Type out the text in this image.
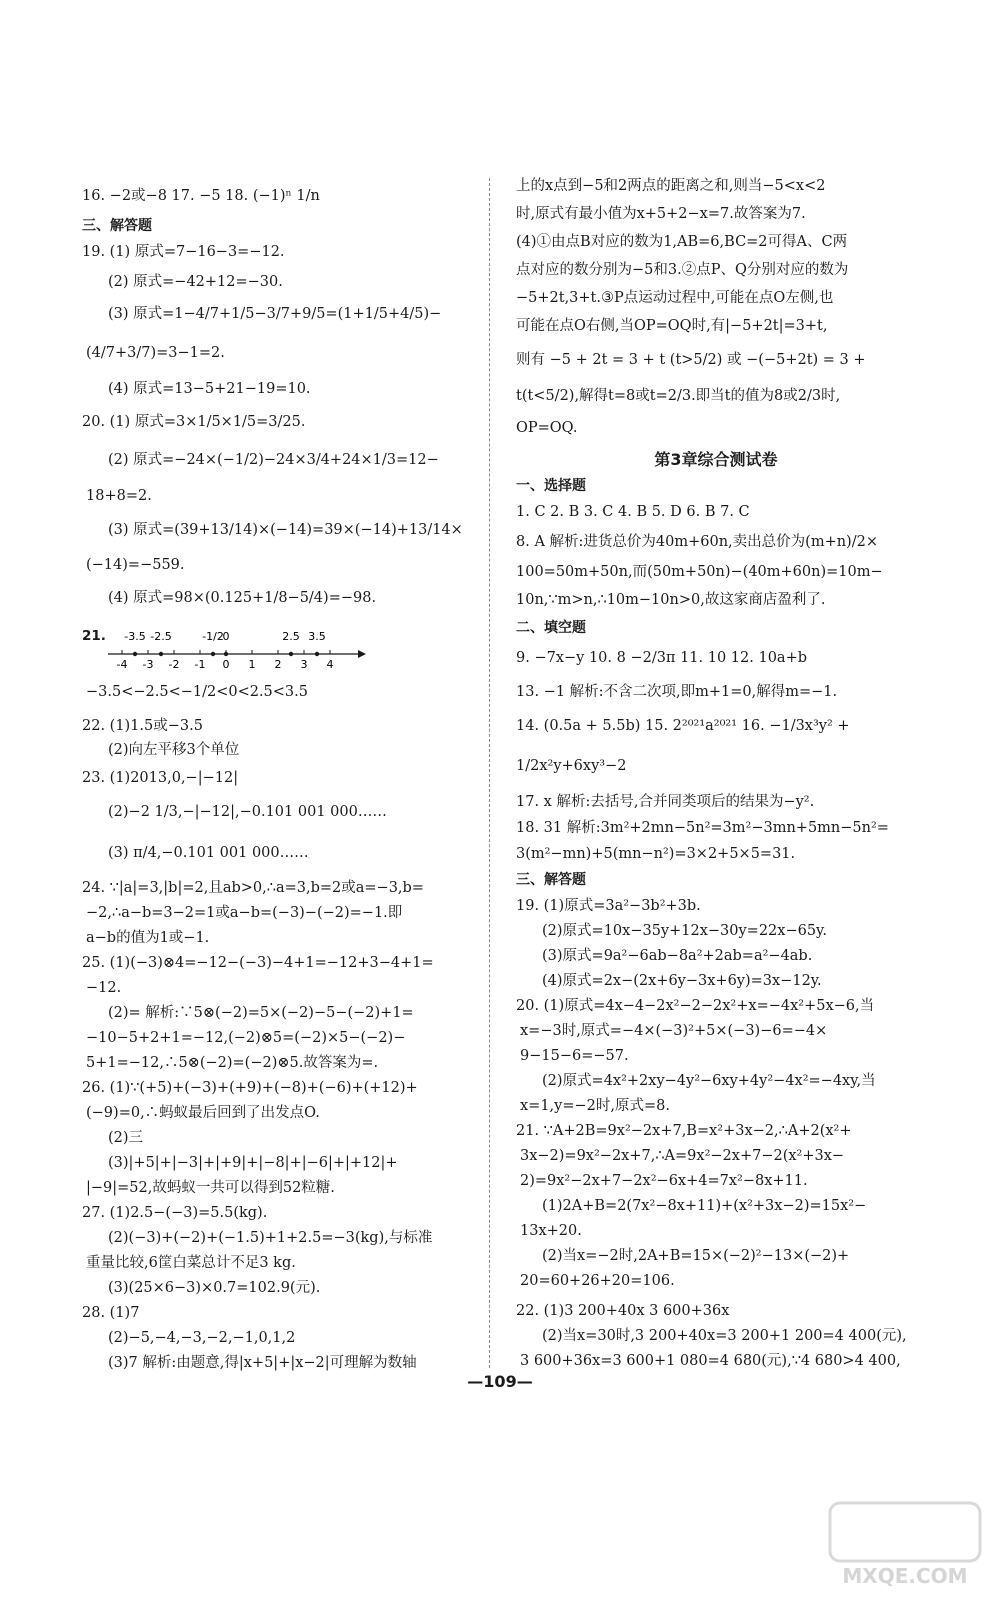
16. −2或−8 17. −5 18. (−1)ⁿ 1/n
三、解答题
19. (1) 原式=7−16−3=−12.
(2) 原式=−42+12=−30.
(3) 原式=1−4/7+1/5−3/7+9/5=(1+1/5+4/5)−
(4/7+3/7)=3−1=2.
(4) 原式=13−5+21−19=10.
20. (1) 原式=3×1/5×1/5=3/25.
(2) 原式=−24×(−1/2)−24×3/4+24×1/3=12−
18+8=2.
(3) 原式=(39+13/14)×(−14)=39×(−14)+13/14×
(−14)=−559.
(4) 原式=98×(0.125+1/8−5/4)=−98.
21.
-4 -3 -2 -1 0 1 2 3 4
-3.5 -2.5	-1/2
0	2.5 3.5
−3.5<−2.5<−1/2<0<2.5<3.5
22. (1)1.5或−3.5
(2)向左平移3个单位
23. (1)2013,0,−|−12|
(2)−2 1/3,−|−12|,−0.101 001 000……
(3) π/4,−0.101 001 000……
24. ∵|a|=3,|b|=2,且ab>0,∴a=3,b=2或a=−3,b=
−2,∴a−b=3−2=1或a−b=(−3)−(−2)=−1.即
a−b的值为1或−1.
25. (1)(−3)⊗4=−12−(−3)−4+1=−12+3−4+1=
−12.
(2)= 解析:∵5⊗(−2)=5×(−2)−5−(−2)+1=
−10−5+2+1=−12,(−2)⊗5=(−2)×5−(−2)−
5+1=−12,∴5⊗(−2)=(−2)⊗5.故答案为=.
26. (1)∵(+5)+(−3)+(+9)+(−8)+(−6)+(+12)+
(−9)=0,∴蚂蚁最后回到了出发点O.
(2)三
(3)|+5|+|−3|+|+9|+|−8|+|−6|+|+12|+
|−9|=52,故蚂蚁一共可以得到52粒糖.
27. (1)2.5−(−3)=5.5(kg).
(2)(−3)+(−2)+(−1.5)+1+2.5=−3(kg),与标准
重量比较,6筐白菜总计不足3 kg.
(3)(25×6−3)×0.7=102.9(元).
28. (1)7
(2)−5,−4,−3,−2,−1,0,1,2
(3)7 解析:由题意,得|x+5|+|x−2|可理解为数轴
上的x点到−5和2两点的距离之和,则当−5<x<2
时,原式有最小值为x+5+2−x=7.故答案为7.
(4)①由点B对应的数为1,AB=6,BC=2可得A、C两
点对应的数分别为−5和3.②点P、Q分别对应的数为
−5+2t,3+t.③P点运动过程中,可能在点O左侧,也
可能在点O右侧,当OP=OQ时,有|−5+2t|=3+t,
则有 −5 + 2t = 3 + t (t>5/2) 或 −(−5+2t) = 3 +
t(t<5/2),解得t=8或t=2/3.即当t的值为8或2/3时,
OP=OQ.
第3章综合测试卷
一、选择题
1. C 2. B 3. C 4. B 5. D 6. B 7. C
8. A 解析:进货总价为40m+60n,卖出总价为(m+n)/2×
100=50m+50n,而(50m+50n)−(40m+60n)=10m−
10n,∵m>n,∴10m−10n>0,故这家商店盈利了.
二、填空题
9. −7x−y 10. 8 −2/3π 11. 10 12. 10a+b
13. −1 解析:不含二次项,即m+1=0,解得m=−1.
14. (0.5a + 5.5b) 15. 2²⁰²¹a²⁰²¹ 16. −1/3x³y² +
1/2x²y+6xy³−2
17. x 解析:去括号,合并同类项后的结果为−y².
18. 31 解析:3m²+2mn−5n²=3m²−3mn+5mn−5n²=
3(m²−mn)+5(mn−n²)=3×2+5×5=31.
三、解答题
19. (1)原式=3a²−3b²+3b.
(2)原式=10x−35y+12x−30y=22x−65y.
(3)原式=9a²−6ab−8a²+2ab=a²−4ab.
(4)原式=2x−(2x+6y−3x+6y)=3x−12y.
20. (1)原式=4x−4−2x²−2−2x²+x=−4x²+5x−6,当
x=−3时,原式=−4×(−3)²+5×(−3)−6=−4×
9−15−6=−57.
(2)原式=4x²+2xy−4y²−6xy+4y²−4x²=−4xy,当
x=1,y=−2时,原式=8.
21. ∵A+2B=9x²−2x+7,B=x²+3x−2,∴A+2(x²+
3x−2)=9x²−2x+7,∴A=9x²−2x+7−2(x²+3x−
2)=9x²−2x+7−2x²−6x+4=7x²−8x+11.
(1)2A+B=2(7x²−8x+11)+(x²+3x−2)=15x²−
13x+20.
(2)当x=−2时,2A+B=15×(−2)²−13×(−2)+
20=60+26+20=106.
22. (1)3 200+40x 3 600+36x
(2)当x=30时,3 200+40x=3 200+1 200=4 400(元),
3 600+36x=3 600+1 080=4 680(元),∵4 680>4 400,
—109—
MXQE.COM
